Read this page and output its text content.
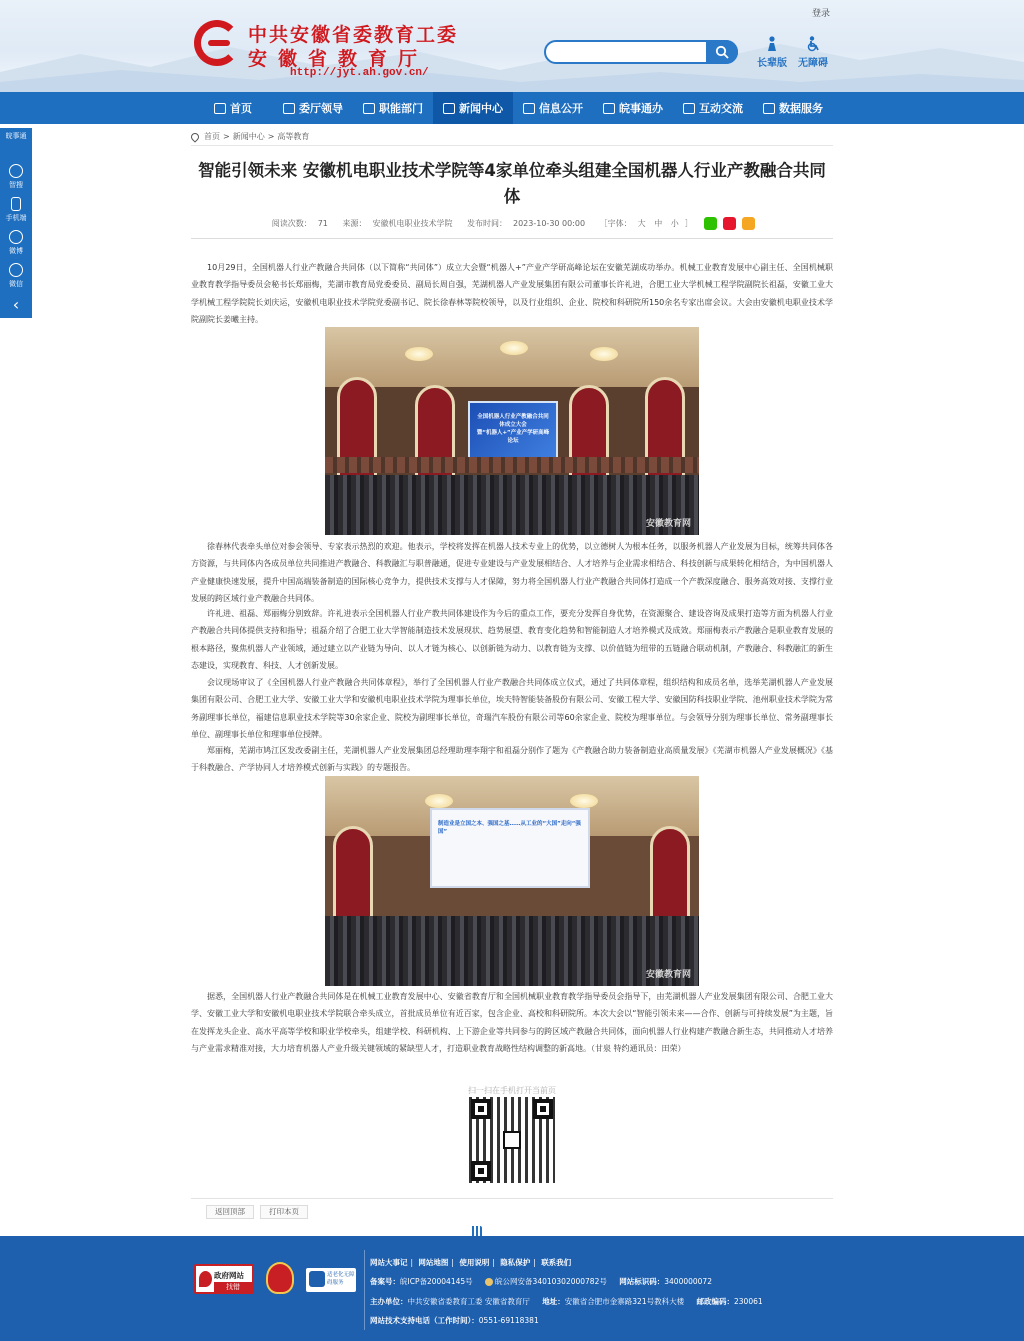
中共安徽省委教育工委
安徽省教育厅
http://jyt.ah.gov.cn/
登录
长辈版 无障碍
首页	委厅领导	职能部门	新闻中心	信息公开	皖事通办	互动交流	数据服务
皖事通
智搜
手机端
微博
微信
‹
首页 > 新闻中心 > 高等教育
智能引领未来 安徽机电职业技术学院等4家单位牵头组建全国机器人行业产教融合共同体
阅读次数： 71 来源： 安徽机电职业技术学院 发布时间： 2023-10-30 00:00 ［字体： 大 中 小 ］

10月29日，全国机器人行业产教融合共同体（以下简称“共同体”）成立大会暨“机器人+”产业产学研高峰论坛在安徽芜湖成功举办。机械工业教育发展中心副主任、全国机械职业教育教学指导委员会秘书长郑丽梅，芜湖市教育局党委委员、副局长周自强，芜湖机器人产业发展集团有限公司董事长许礼进，合肥工业大学机械工程学院副院长祖磊，安徽工业大学机械工程学院院长刘庆运，安徽机电职业技术学院党委副书记、院长徐春林等院校领导，以及行业组织、企业、院校和科研院所150余名专家出席会议。大会由安徽机电职业技术学院副院长姜曦主持。

全国机器人行业产教融合共同体成立大会
暨“机器人+”产业产学研高峰论坛
安徽教育网

徐春林代表牵头单位对参会领导、专家表示热烈的欢迎。他表示，学校将发挥在机器人技术专业上的优势，以立德树人为根本任务，以服务机器人产业发展为目标，统筹共同体各方资源，与共同体内各成员单位共同推进产教融合、科教融汇与职普融通，促进专业建设与产业发展相结合、人才培养与企业需求相结合、科技创新与成果转化相结合，为中国机器人产业健康快速发展，提升中国高端装备制造的国际核心竞争力，提供技术支撑与人才保障，努力将全国机器人行业产教融合共同体打造成一个产教深度融合、服务高效对接、支撑行业发展的跨区域行业产教融合共同体。

许礼进、祖磊、郑丽梅分别致辞。许礼进表示全国机器人行业产教共同体建设作为今后的重点工作，要充分发挥自身优势，在资源聚合、建设咨询及成果打造等方面为机器人行业产教融合共同体提供支持和指导；祖磊介绍了合肥工业大学智能制造技术发展现状、趋势展望、教育变化趋势和智能制造人才培养模式及成效。郑丽梅表示产教融合是职业教育发展的根本路径，聚焦机器人产业领域，通过建立以产业链为导向、以人才链为核心、以创新链为动力、以教育链为支撑、以价值链为纽带的五链融合联动机制，产教融合、科教融汇的新生态建设，实现教育、科技、人才创新发展。

会议现场审议了《全国机器人行业产教融合共同体章程》，举行了全国机器人行业产教融合共同体成立仪式，通过了共同体章程，组织结构和成员名单，选举芜湖机器人产业发展集团有限公司、合肥工业大学、安徽工业大学和安徽机电职业技术学院为理事长单位，埃夫特智能装备股份有限公司、安徽工程大学、安徽国防科技职业学院、池州职业技术学院为常务副理事长单位，福建信息职业技术学院等30余家企业、院校为副理事长单位，奇瑞汽车股份有限公司等60余家企业、院校为理事单位。与会领导分别为理事长单位、常务副理事长单位、副理事长单位和理事单位授牌。

郑丽梅，芜湖市鸠江区发改委副主任，芜湖机器人产业发展集团总经理助理李翔宇和祖磊分别作了题为《产教融合助力装备制造业高质量发展》《芜湖市机器人产业发展概况》《基于科教融合、产学协同人才培养模式创新与实践》的专题报告。

制造业是立国之本、强国之基……从工业的“大国”走向“强国”
安徽教育网

据悉，全国机器人行业产教融合共同体是在机械工业教育发展中心、安徽省教育厅和全国机械职业教育教学指导委员会指导下，由芜湖机器人产业发展集团有限公司、合肥工业大学、安徽工业大学和安徽机电职业技术学院联合牵头成立，首批成员单位有近百家，包含企业、高校和科研院所。本次大会以“智能引领未来——合作、创新与可持续发展”为主题，旨在发挥龙头企业、高水平高等学校和职业学校牵头，组建学校、科研机构、上下游企业等共同参与的跨区域产教融合共同体，面向机器人行业构建产教融合新生态，共同推动人才培养与产业需求精准对接，大力培育机器人产业升级关键领域的紧缺型人才，打造职业教育战略性结构调整的新高地。（甘泉 特约通讯员：田荣）

扫一扫在手机打开当前页
返回顶部	打印本页
政府网站
找错
适老化无障碍服务
网站大事记 | 网站地图 | 使用说明 | 隐私保护 | 联系我们
备案号：皖ICP备20004145号	皖公网安备34010302000782号 网站标识码：3400000072
主办单位：中共安徽省委教育工委 安徽省教育厅 地址：安徽省合肥市金寨路321号教科大楼 邮政编码：230061
网站技术支持电话（工作时间）：0551-69118381
